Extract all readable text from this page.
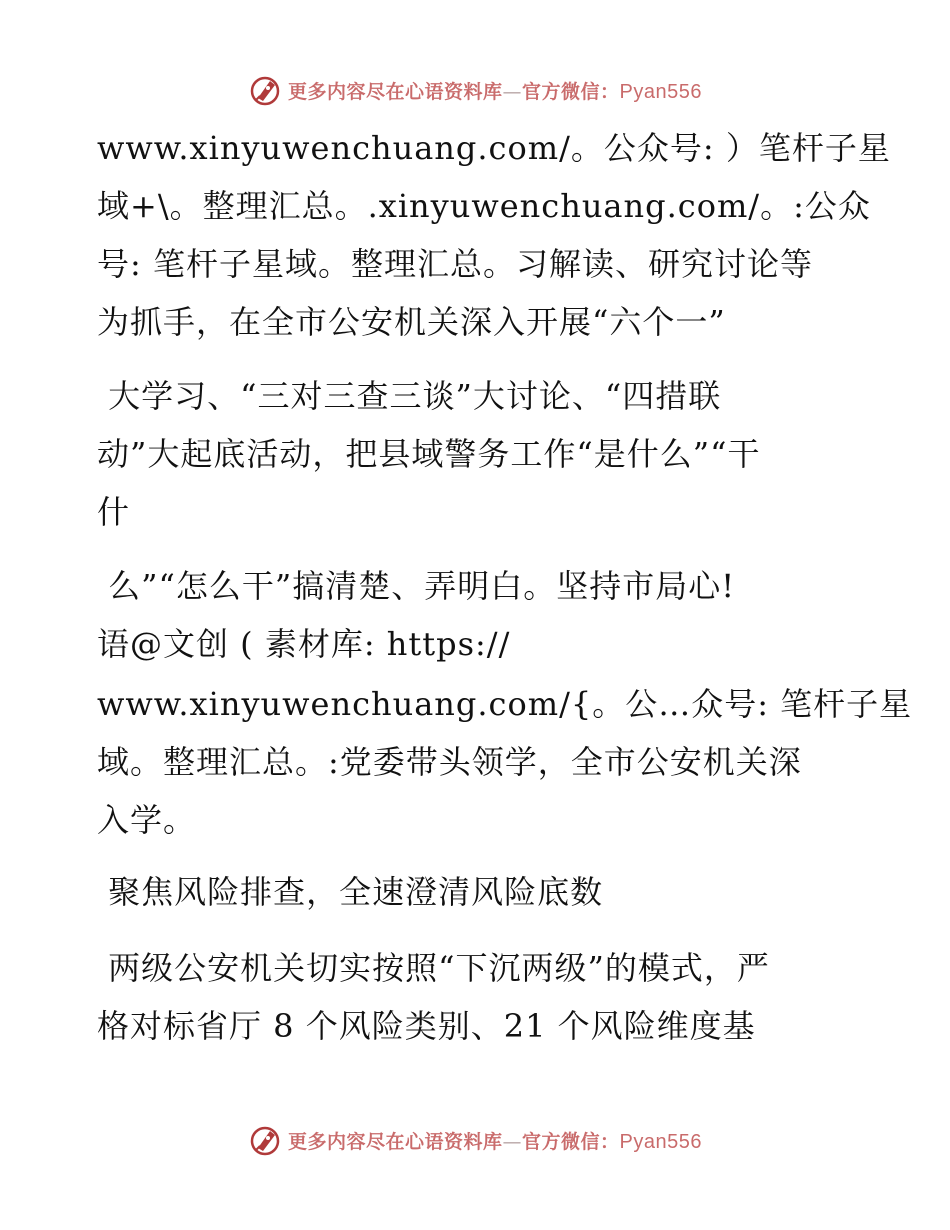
更多内容尽在心语资料库—官方微信：Pyan556
www.xinyuwenchuang.com/。公众号: ）笔杆子星
域+\。整理汇总。.xinyuwenchuang.com/。:公众
号: 笔杆子星域。整理汇总。习解读、研究讨论等
为抓手，在全市公安机关深入开展“六个一”
大学习、“三对三查三谈”大讨论、“四措联
动”大起底活动，把县域警务工作“是什么”“干
什
么”“怎么干”搞清楚、弄明白。坚持市局心!
语@文创 ( 素材库: https://
www.xinyuwenchuang.com/{。公…众号: 笔杆子星
域。整理汇总。:党委带头领学，全市公安机关深
入学。
聚焦风险排查，全速澄清风险底数
两级公安机关切实按照“下沉两级”的模式，严
格对标省厅 8 个风险类别、21 个风险维度基
更多内容尽在心语资料库—官方微信：Pyan556
